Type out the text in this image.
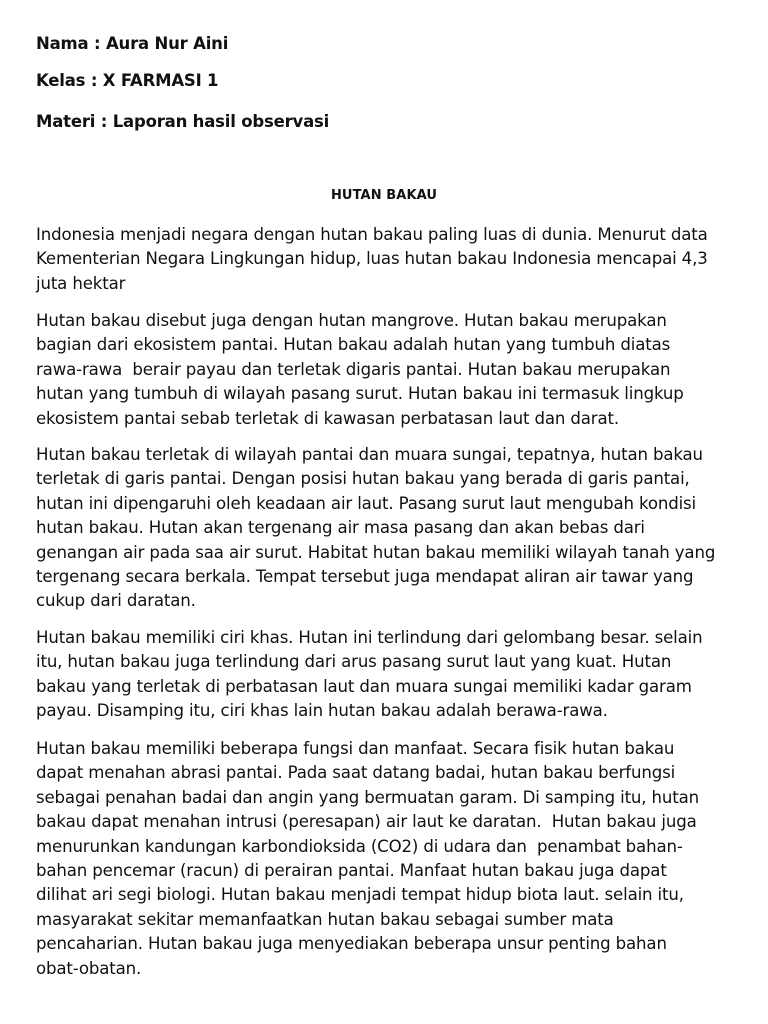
Nama : Aura Nur Aini
Kelas : X FARMASI 1
Materi : Laporan hasil observasi
HUTAN BAKAU

Indonesia menjadi negara dengan hutan bakau paling luas di dunia. Menurut data
Kementerian Negara Lingkungan hidup, luas hutan bakau Indonesia mencapai 4,3
juta hektar

Hutan bakau disebut juga dengan hutan mangrove. Hutan bakau merupakan
bagian dari ekosistem pantai. Hutan bakau adalah hutan yang tumbuh diatas
rawa-rawa  berair payau dan terletak digaris pantai. Hutan bakau merupakan
hutan yang tumbuh di wilayah pasang surut. Hutan bakau ini termasuk lingkup
ekosistem pantai sebab terletak di kawasan perbatasan laut dan darat.

Hutan bakau terletak di wilayah pantai dan muara sungai, tepatnya, hutan bakau
terletak di garis pantai. Dengan posisi hutan bakau yang berada di garis pantai,
hutan ini dipengaruhi oleh keadaan air laut. Pasang surut laut mengubah kondisi
hutan bakau. Hutan akan tergenang air masa pasang dan akan bebas dari
genangan air pada saa air surut. Habitat hutan bakau memiliki wilayah tanah yang
tergenang secara berkala. Tempat tersebut juga mendapat aliran air tawar yang
cukup dari daratan.

Hutan bakau memiliki ciri khas. Hutan ini terlindung dari gelombang besar. selain
itu, hutan bakau juga terlindung dari arus pasang surut laut yang kuat. Hutan
bakau yang terletak di perbatasan laut dan muara sungai memiliki kadar garam
payau. Disamping itu, ciri khas lain hutan bakau adalah berawa-rawa.

Hutan bakau memiliki beberapa fungsi dan manfaat. Secara fisik hutan bakau
dapat menahan abrasi pantai. Pada saat datang badai, hutan bakau berfungsi
sebagai penahan badai dan angin yang bermuatan garam. Di samping itu, hutan
bakau dapat menahan intrusi (peresapan) air laut ke daratan.  Hutan bakau juga
menurunkan kandungan karbondioksida (CO2) di udara dan  penambat bahan-
bahan pencemar (racun) di perairan pantai. Manfaat hutan bakau juga dapat
dilihat ari segi biologi. Hutan bakau menjadi tempat hidup biota laut. selain itu,
masyarakat sekitar memanfaatkan hutan bakau sebagai sumber mata
pencaharian. Hutan bakau juga menyediakan beberapa unsur penting bahan
obat-obatan.
